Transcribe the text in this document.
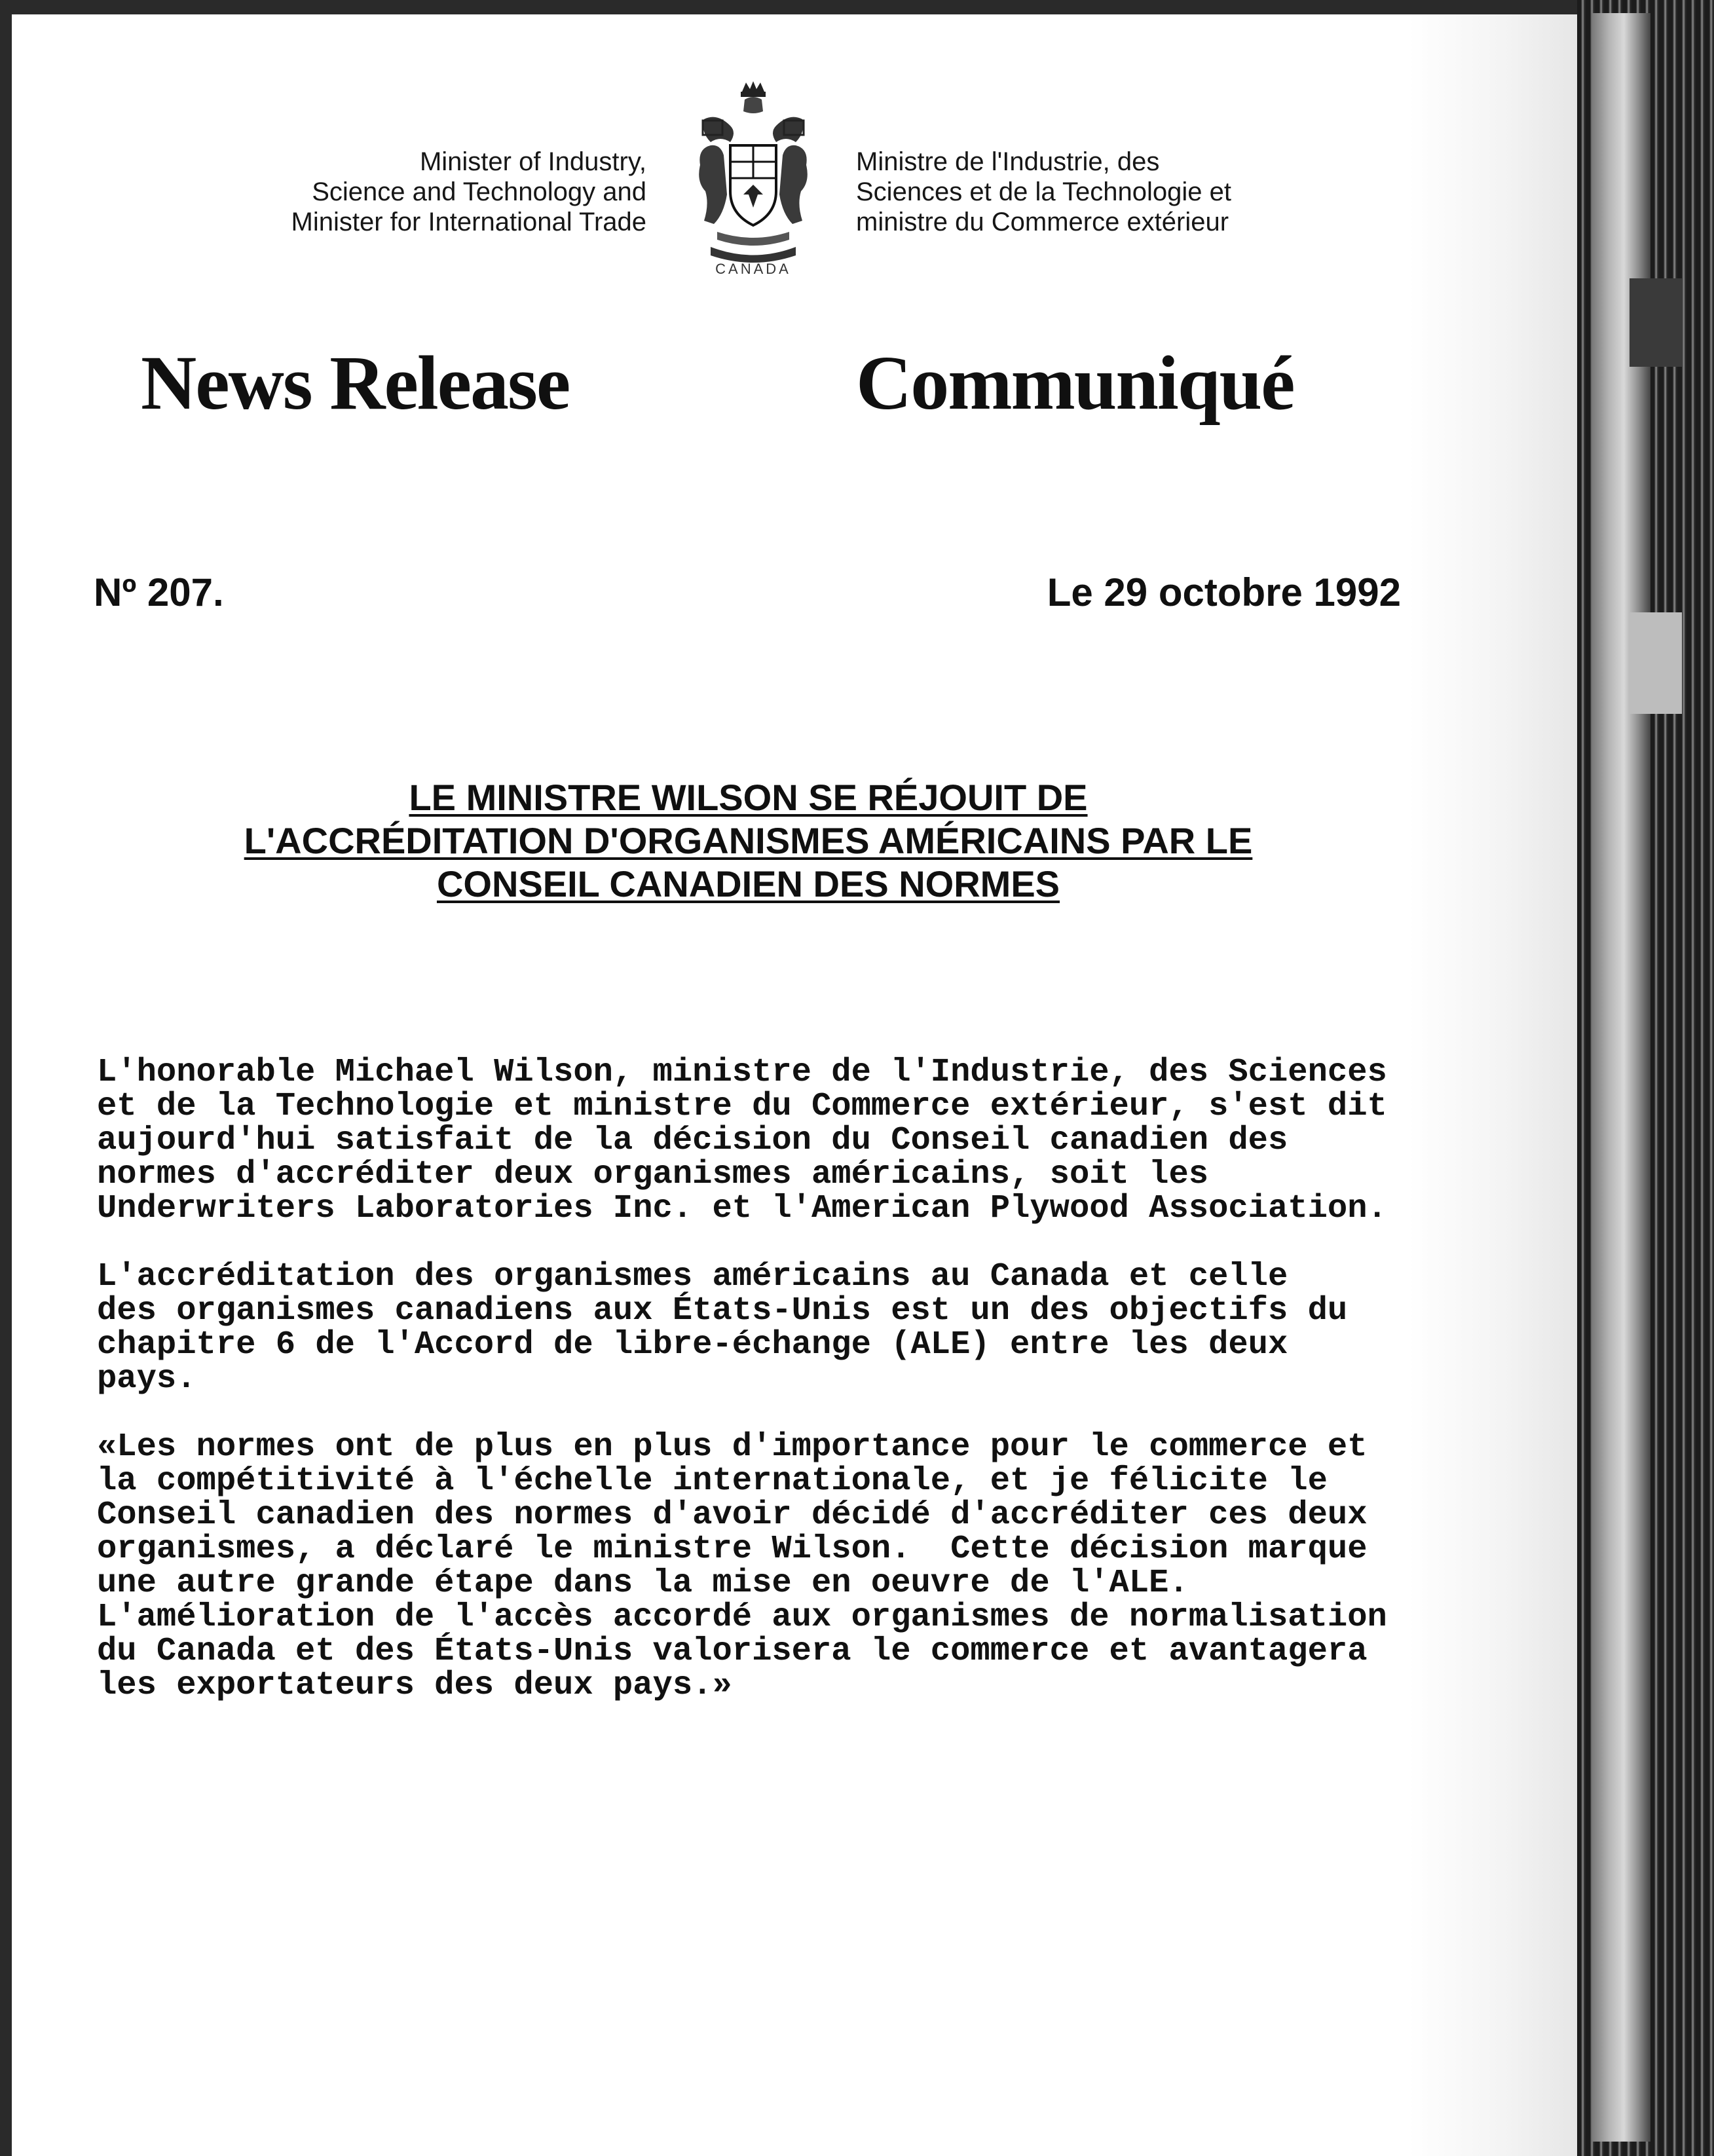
Minister of Industry,
Science and Technology and
Minister for International Trade
CANADA
Ministre de l'Industrie, des
Sciences et de la Technologie et
ministre du Commerce extérieur
News Release	Communiqué
Nº 207.	Le 29 octobre 1992
LE MINISTRE WILSON SE RÉJOUIT DE
L'ACCRÉDITATION D'ORGANISMES AMÉRICAINS PAR LE
CONSEIL CANADIEN DES NORMES
L'honorable Michael Wilson, ministre de l'Industrie, des Sciences
et de la Technologie et ministre du Commerce extérieur, s'est dit
aujourd'hui satisfait de la décision du Conseil canadien des
normes d'accréditer deux organismes américains, soit les
Underwriters Laboratories Inc. et l'American Plywood Association.
L'accréditation des organismes américains au Canada et celle
des organismes canadiens aux États-Unis est un des objectifs du
chapitre 6 de l'Accord de libre-échange (ALE) entre les deux
pays.
«Les normes ont de plus en plus d'importance pour le commerce et
la compétitivité à l'échelle internationale, et je félicite le
Conseil canadien des normes d'avoir décidé d'accréditer ces deux
organismes, a déclaré le ministre Wilson.  Cette décision marque
une autre grande étape dans la mise en oeuvre de l'ALE.
L'amélioration de l'accès accordé aux organismes de normalisation
du Canada et des États-Unis valorisera le commerce et avantagera
les exportateurs des deux pays.»
